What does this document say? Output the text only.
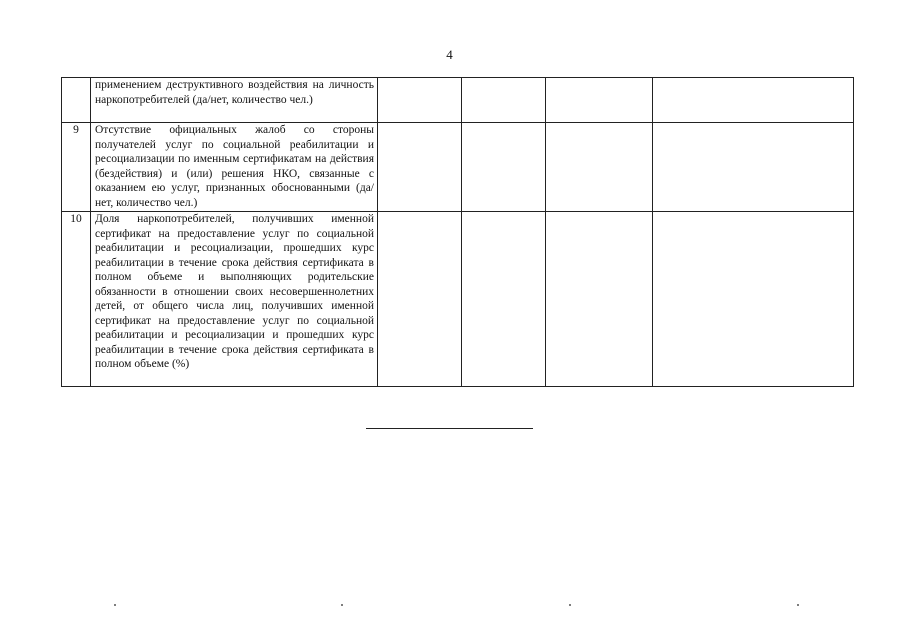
4
	применением деструктивного воздействия на личность наркопотребителей (да/нет, количество чел.)				
9	Отсутствие официальных жалоб со стороны получателей услуг по социальной реабилитации и ресоциализации по именным сертификатам на действия (бездействия) и (или) решения НКО, связанные с оказанием ею услуг, признанных обоснованными (да/нет, количество чел.)				
10	Доля наркопотребителей, получивших именной сертификат на предоставление услуг по социальной реабилитации и ресоциализации, прошедших курс реабилитации в течение срока действия сертификата в полном объеме и выполняющих родительские обязанности в отношении своих несовершеннолетних детей, от общего числа лиц, получивших именной сертификат на предоставление услуг по социальной реабилитации и ресоциализации и прошедших курс реабилитации в течение срока действия сертификата в полном объеме (%)				
